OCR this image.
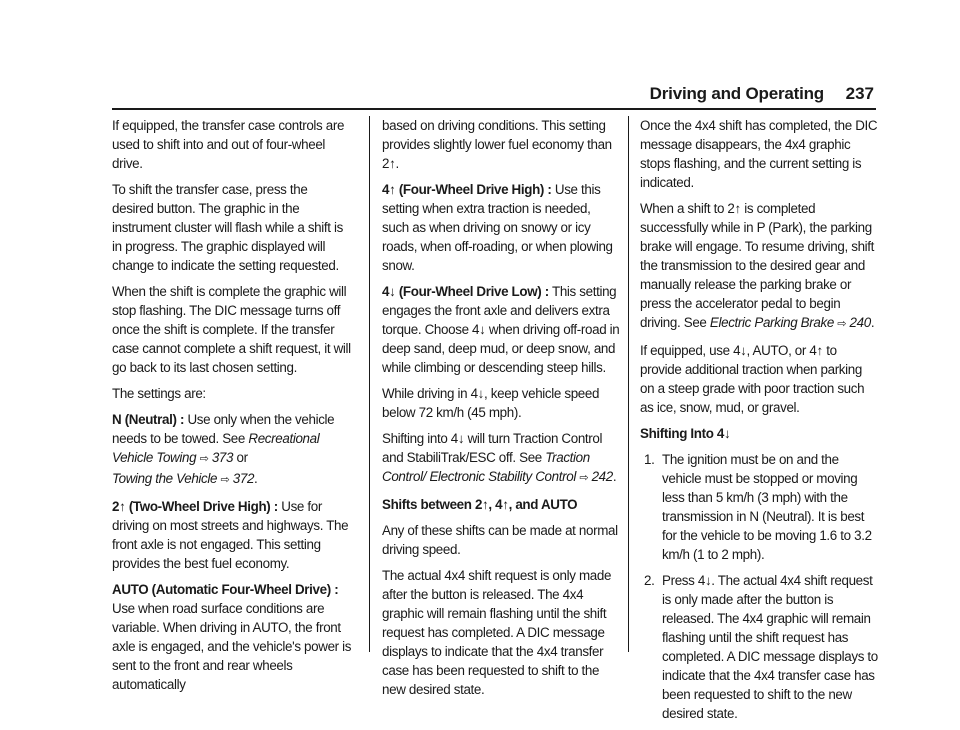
Driving and Operating 237

If equipped, the transfer case controls are used to shift into and out of four-wheel drive.

To shift the transfer case, press the desired button. The graphic in the instrument cluster will flash while a shift is in progress. The graphic displayed will change to indicate the setting requested.

When the shift is complete the graphic will stop flashing. The DIC message turns off once the shift is complete. If the transfer case cannot complete a shift request, it will go back to its last chosen setting.

The settings are:

N (Neutral) : Use only when the vehicle needs to be towed. See Recreational Vehicle Towing ⇨ 373 or
Towing the Vehicle ⇨ 372.

2↑ (Two-Wheel Drive High) : Use for driving on most streets and highways. The front axle is not engaged. This setting provides the best fuel economy.

AUTO (Automatic Four-Wheel Drive) : Use when road surface conditions are variable. When driving in AUTO, the front axle is engaged, and the vehicle's power is sent to the front and rear wheels automatically

based on driving conditions. This setting provides slightly lower fuel economy than 2↑.

4↑ (Four-Wheel Drive High) : Use this setting when extra traction is needed, such as when driving on snowy or icy roads, when off-roading, or when plowing snow.

4↓ (Four-Wheel Drive Low) : This setting engages the front axle and delivers extra torque. Choose 4↓ when driving off-road in deep sand, deep mud, or deep snow, and while climbing or descending steep hills.

While driving in 4↓, keep vehicle speed below 72 km/h (45 mph).

Shifting into 4↓ will turn Traction Control and StabiliTrak/ESC off. See Traction Control/ Electronic Stability Control ⇨ 242.

Shifts between 2↑, 4↑, and AUTO

Any of these shifts can be made at normal driving speed.

The actual 4x4 shift request is only made after the button is released. The 4x4 graphic will remain flashing until the shift request has completed. A DIC message displays to indicate that the 4x4 transfer case has been requested to shift to the new desired state.

Once the 4x4 shift has completed, the DIC message disappears, the 4x4 graphic stops flashing, and the current setting is indicated.

When a shift to 2↑ is completed successfully while in P (Park), the parking brake will engage. To resume driving, shift the transmission to the desired gear and manually release the parking brake or press the accelerator pedal to begin driving. See Electric Parking Brake ⇨ 240.

If equipped, use 4↓, AUTO, or 4↑ to provide additional traction when parking on a steep grade with poor traction such as ice, snow, mud, or gravel.

Shifting Into 4↓

1. The ignition must be on and the vehicle must be stopped or moving less than 5 km/h (3 mph) with the transmission in N (Neutral). It is best for the vehicle to be moving 1.6 to 3.2 km/h (1 to 2 mph).
2. Press 4↓. The actual 4x4 shift request is only made after the button is released. The 4x4 graphic will remain flashing until the shift request has completed. A DIC message displays to indicate that the 4x4 transfer case has been requested to shift to the new desired state.
